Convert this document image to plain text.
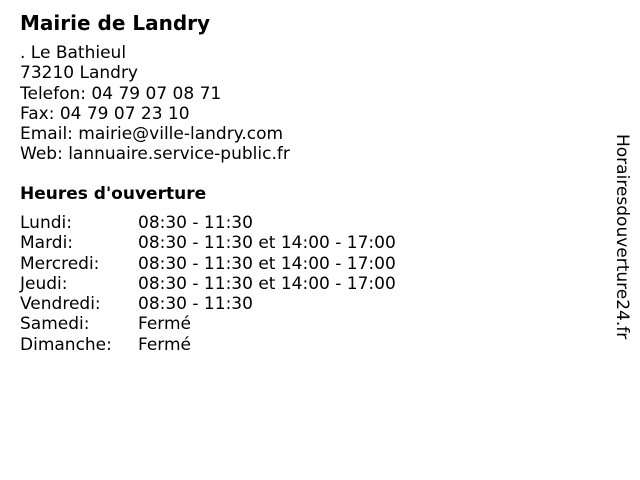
Mairie de Landry
. Le Bathieul
73210 Landry
Telefon: 04 79 07 08 71
Fax: 04 79 07 23 10
Email: mairie@ville-landry.com
Web: lannuaire.service-public.fr
Heures d'ouverture
Lundi:	08:30 - 11:30
Mardi:	08:30 - 11:30 et 14:00 - 17:00
Mercredi:	08:30 - 11:30 et 14:00 - 17:00
Jeudi:	08:30 - 11:30 et 14:00 - 17:00
Vendredi:	08:30 - 11:30
Samedi:	Fermé
Dimanche:	Fermé
Horairesdouverture24.fr
